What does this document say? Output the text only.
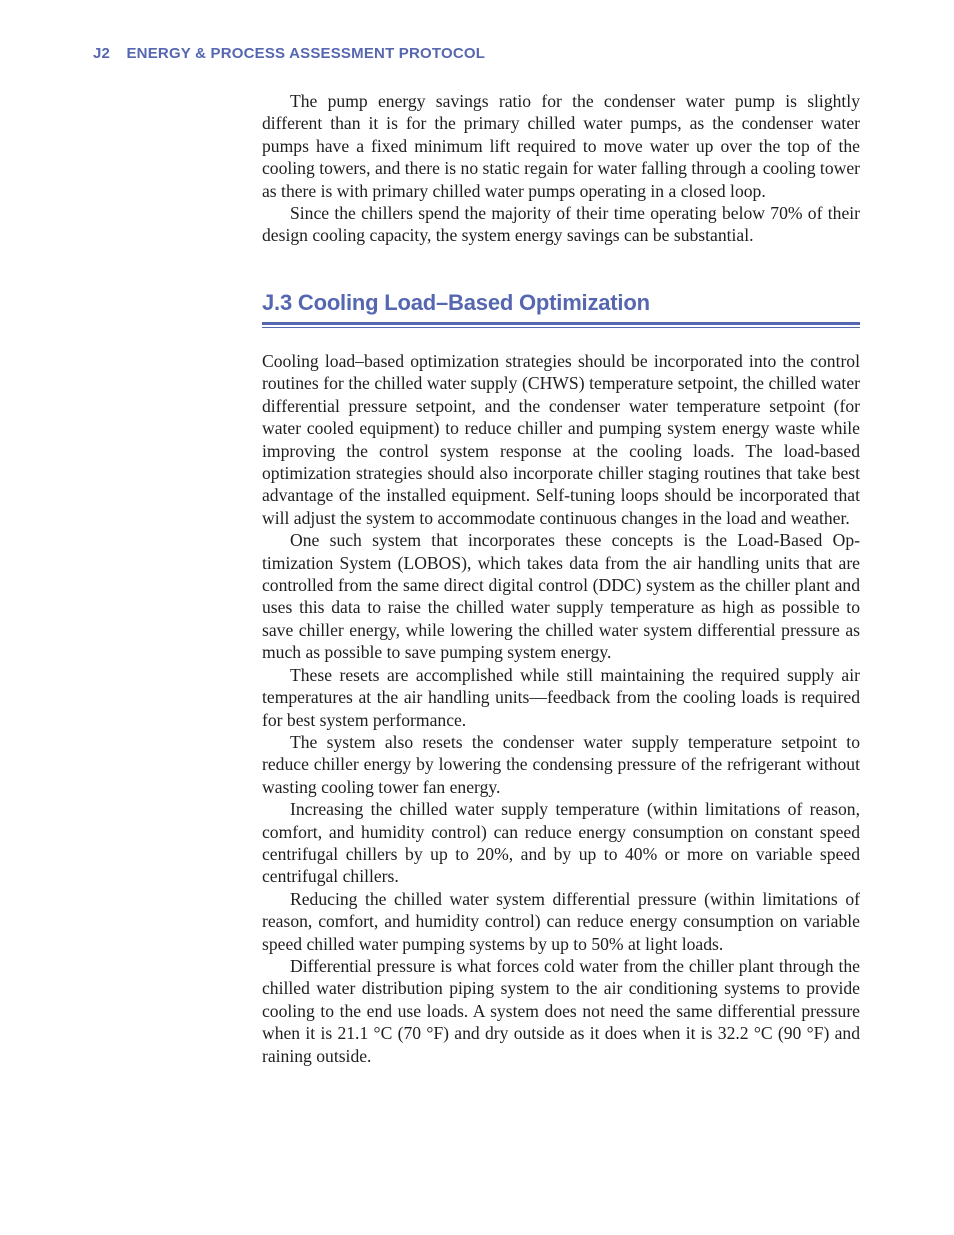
J2 ENERGY & PROCESS ASSESSMENT PROTOCOL

The pump energy savings ratio for the condenser water pump is slightly different than it is for the primary chilled water pumps, as the condenser water pumps have a fixed minimum lift required to move water up over the top of the cooling towers, and there is no static regain for water falling through a cooling tower as there is with primary chilled water pumps operating in a closed loop.

Since the chillers spend the majority of their time operating below 70% of their design cooling capacity, the system energy savings can be substantial.

J.3 Cooling Load–Based Optimization

Cooling load–based optimization strategies should be incorporated into the control routines for the chilled water supply (CHWS) temperature setpoint, the chilled water differential pressure setpoint, and the condenser water temperature setpoint (for water cooled equipment) to reduce chiller and pumping system energy waste while improving the control system response at the cooling loads. The load-based optimization strategies should also incorporate chiller staging routines that take best advantage of the installed equipment. Self-tuning loops should be incorporated that will adjust the system to accommodate continuous changes in the load and weather.

One such system that incorporates these concepts is the Load-Based Optimization System (LOBOS), which takes data from the air handling units that are controlled from the same direct digital control (DDC) system as the chiller plant and uses this data to raise the chilled water supply temperature as high as possible to save chiller energy, while lowering the chilled water system differential pressure as much as possible to save pumping system energy.

These resets are accomplished while still maintaining the required supply air temperatures at the air handling units—feedback from the cooling loads is required for best system performance.

The system also resets the condenser water supply temperature setpoint to reduce chiller energy by lowering the condensing pressure of the refrigerant without wasting cooling tower fan energy.

Increasing the chilled water supply temperature (within limitations of reason, comfort, and humidity control) can reduce energy consumption on constant speed centrifugal chillers by up to 20%, and by up to 40% or more on variable speed centrifugal chillers.

Reducing the chilled water system differential pressure (within limitations of reason, comfort, and humidity control) can reduce energy consumption on variable speed chilled water pumping systems by up to 50% at light loads.

Differential pressure is what forces cold water from the chiller plant through the chilled water distribution piping system to the air conditioning systems to provide cooling to the end use loads. A system does not need the same differential pressure when it is 21.1 °C (70 °F) and dry outside as it does when it is 32.2 °C (90 °F) and raining outside.
